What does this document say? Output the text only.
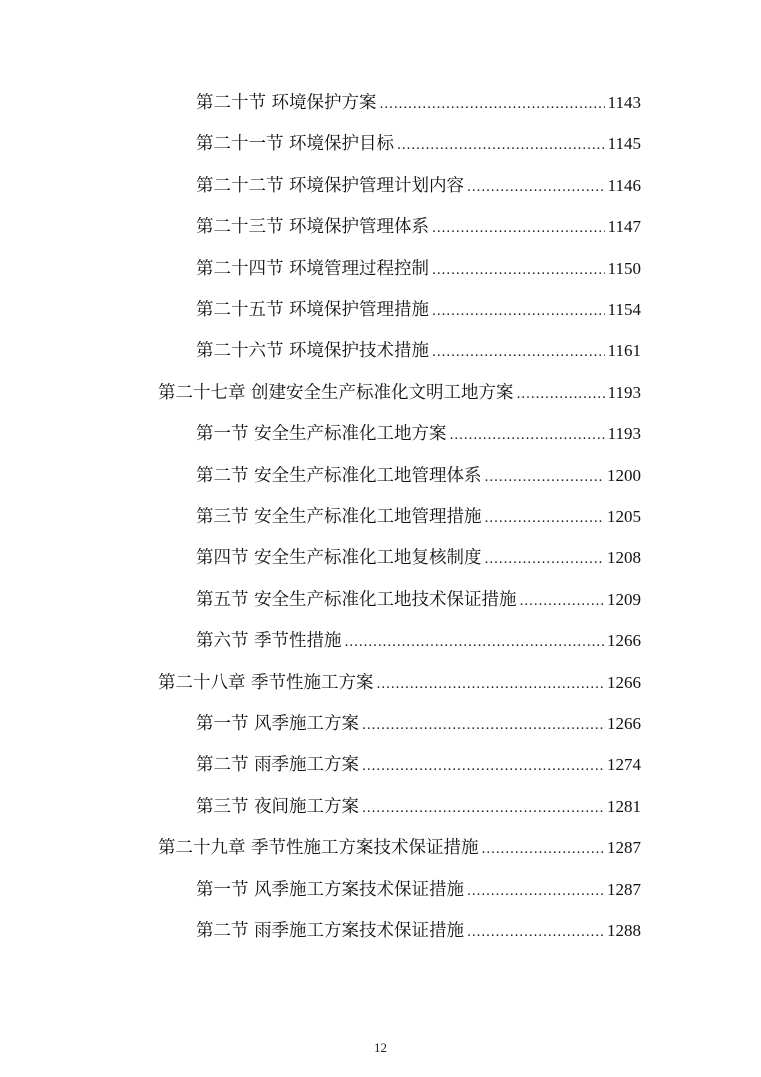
第二十节 环境保护方案 .....	1143
第二十一节 环境保护目标 .....	1145
第二十二节 环境保护管理计划内容 .....	1146
第二十三节 环境保护管理体系 .....	1147
第二十四节 环境管理过程控制 .....	1150
第二十五节 环境保护管理措施 .....	1154
第二十六节 环境保护技术措施 .....	1161
第二十七章 创建安全生产标准化文明工地方案 .....	1193
第一节 安全生产标准化工地方案 .....	1193
第二节 安全生产标准化工地管理体系 .....	1200
第三节 安全生产标准化工地管理措施 .....	1205
第四节 安全生产标准化工地复核制度 .....	1208
第五节 安全生产标准化工地技术保证措施 .....	1209
第六节 季节性措施 .....	1266
第二十八章 季节性施工方案 .....	1266
第一节 风季施工方案 .....	1266
第二节 雨季施工方案 .....	1274
第三节 夜间施工方案 .....	1281
第二十九章 季节性施工方案技术保证措施 .....	1287
第一节 风季施工方案技术保证措施 .....	1287
第二节 雨季施工方案技术保证措施 .....	1288
12
